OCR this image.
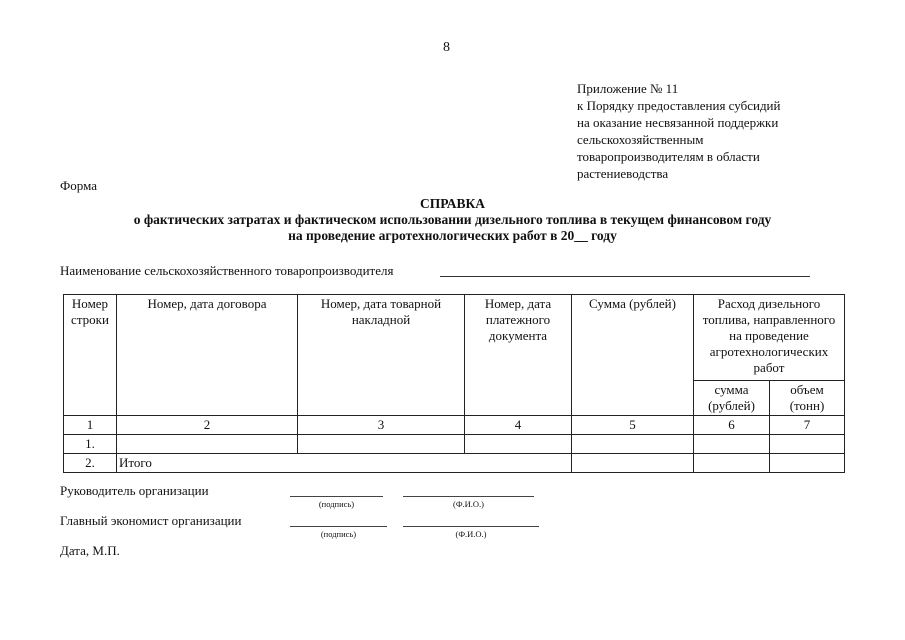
8
Приложение № 11
к Порядку предоставления субсидий
на оказание несвязанной поддержки
сельскохозяйственным
товаропроизводителям в области
растениеводства
Форма
СПРАВКА
о фактических затратах и фактическом использовании дизельного топлива в текущем финансовом году
на проведение агротехнологических работ в 20__ году
Наименование сельскохозяйственного товаропроизводителя
Номер строки	Номер, дата договора	Номер, дата товарной накладной	Номер, дата платежного документа	Сумма (рублей)	Расход дизельного топлива, направленного на проведение агротехнологических работ	
					сумма (рублей)	объем (тонн)
1	2	3	4	5	6	7
1.						
2.	Итого					
Руководитель организации
(подпись)	(Ф.И.О.)
Главный экономист организации
(подпись)	(Ф.И.О.)
Дата, М.П.
